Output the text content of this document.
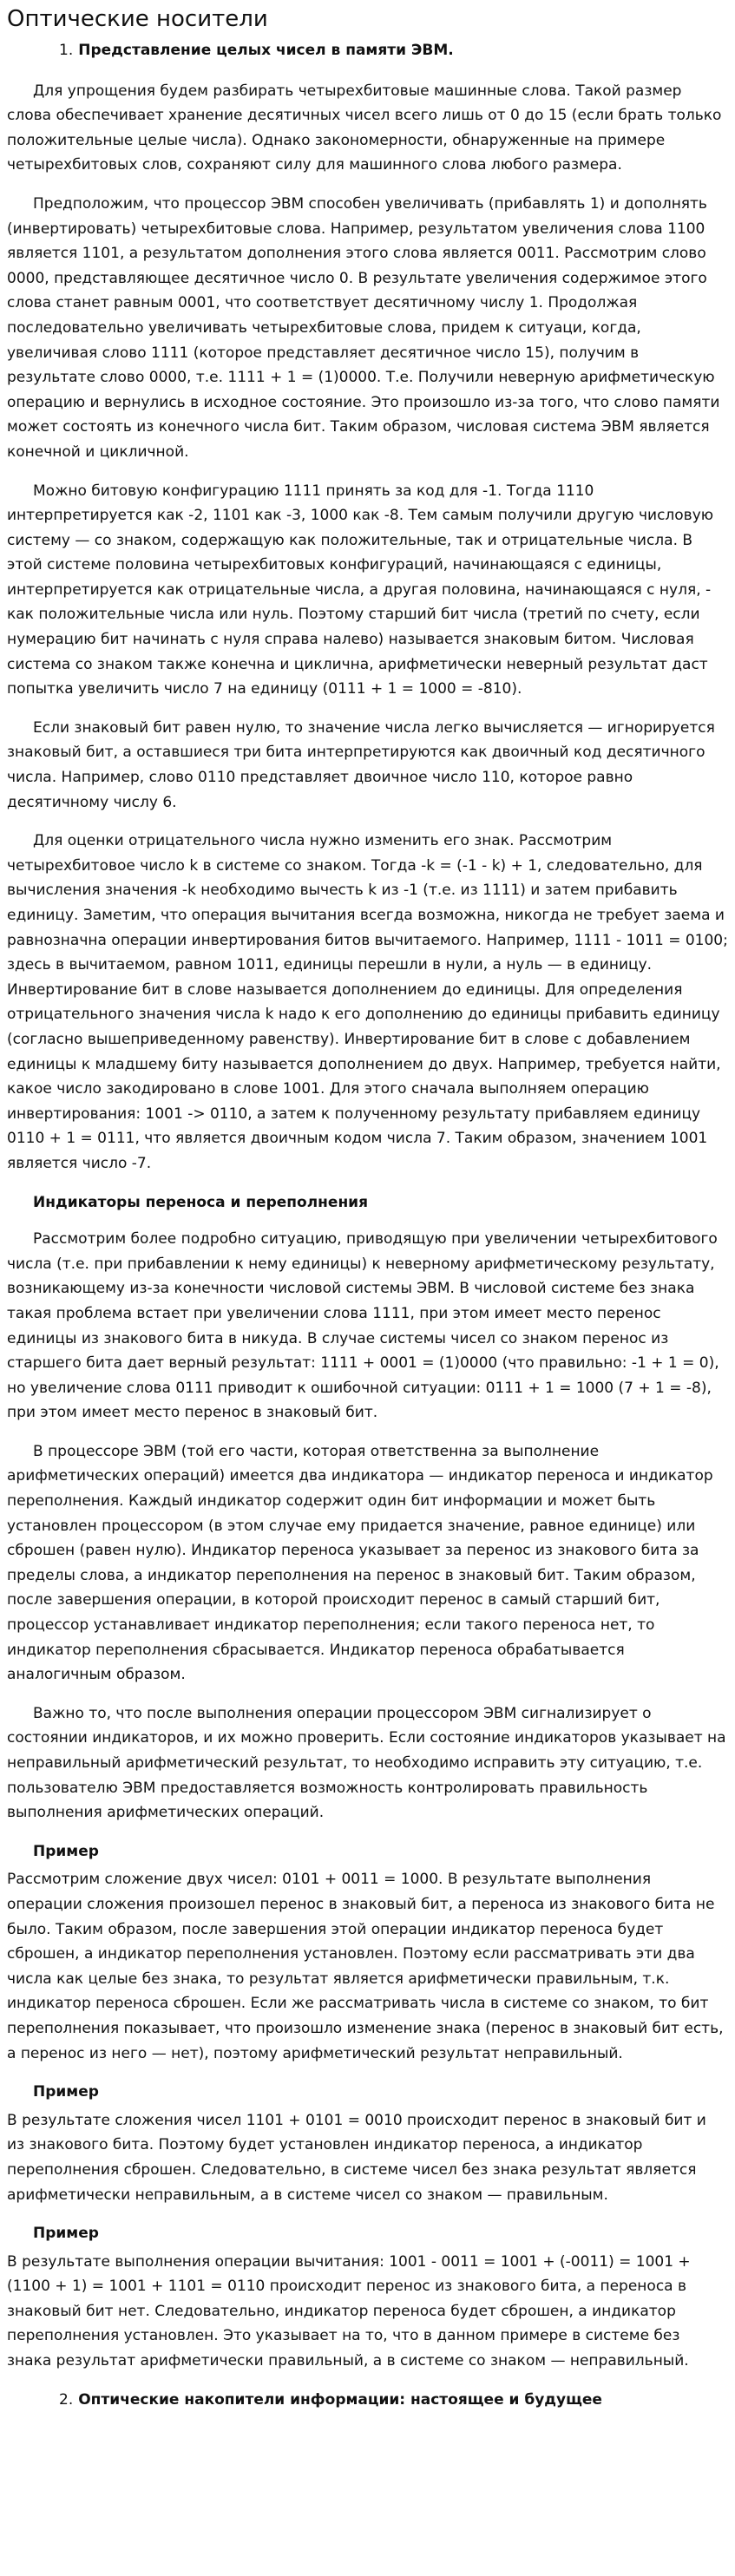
Оптические носители
1. Представление целых чисел в памяти ЭВМ.

Для упрощения будем разбирать четырехбитовые машинные слова. Такой размер слова обеспечивает хранение десятичных чисел всего лишь от 0 до 15 (если брать только положительные целые числа). Однако закономерности, обнаруженные на примере четырехбитовых слов, сохраняют силу для машинного слова любого размера.

Предположим, что процессор ЭВМ способен увеличивать (прибавлять 1) и дополнять (инвертировать) четырехбитовые слова. Например, результатом увеличения слова 1100 является 1101, а результатом дополнения этого слова является 0011. Рассмотрим слово 0000, представляющее десятичное число 0. В результате увеличения содержимое этого слова станет равным 0001, что соответствует десятичному числу 1. Продолжая последовательно увеличивать четырехбитовые слова, придем к ситуаци, когда, увеличивая слово 1111 (которое представляет десятичное число 15), получим в результате слово 0000, т.е. 1111 + 1 = (1)0000. Т.е. Получили неверную арифметическую операцию и вернулись в исходное состояние. Это произошло из-за того, что слово памяти может состоять из конечного числа бит. Таким образом, числовая система ЭВМ является конечной и цикличной.

Можно битовую конфигурацию 1111 принять за код для -1. Тогда 1110 интерпретируется как -2, 1101 как -3, 1000 как -8. Тем самым получили другую числовую систему — со знаком, содержащую как положительные, так и отрицательные числа. В этой системе половина четырехбитовых конфигураций, начинающаяся с единицы, интерпретируется как отрицательные числа, а другая половина, начинающаяся с нуля, - как положительные числа или нуль. Поэтому старший бит числа (третий по счету, если нумерацию бит начинать с нуля справа налево) называется знаковым битом. Числовая система со знаком также конечна и циклична, арифметически неверный результат даст попытка увеличить число 7 на единицу (0111 + 1 = 1000 = -810).

Если знаковый бит равен нулю, то значение числа легко вычисляется — игнорируется знаковый бит, а оставшиеся три бита интерпретируются как двоичный код десятичного числа. Например, слово 0110 представляет двоичное число 110, которое равно десятичному числу 6.

Для оценки отрицательного числа нужно изменить его знак. Рассмотрим четырехбитовое число k в системе со знаком. Тогда -k = (-1 - k) + 1, следовательно, для вычисления значения -k необходимо вычесть k из -1 (т.е. из 1111) и затем прибавить единицу. Заметим, что операция вычитания всегда возможна, никогда не требует заема и равнозначна операции инвертирования битов вычитаемого. Например, 1111 - 1011 = 0100; здесь в вычитаемом, равном 1011, единицы перешли в нули, а нуль — в единицу. Инвертирование бит в слове называется дополнением до единицы. Для определения отрицательного значения числа k надо к его дополнению до единицы прибавить единицу (согласно вышеприведенному равенству). Инвертирование бит в слове с добавлением единицы к младшему биту называется дополнением до двух. Например, требуется найти, какое число закодировано в слове 1001. Для этого сначала выполняем операцию инвертирования: 1001 -> 0110, а затем к полученному результату прибавляем единицу 0110 + 1 = 0111, что является двоичным кодом числа 7. Таким образом, значением 1001 является число -7.

Индикаторы переноса и переполнения

Рассмотрим более подробно ситуацию, приводящую при увеличении четырехбитового числа (т.е. при прибавлении к нему единицы) к неверному арифметическому результату, возникающему из-за конечности числовой системы ЭВМ. В числовой системе без знака такая проблема встает при увеличении слова 1111, при этом имеет место перенос единицы из знакового бита в никуда. В случае системы чисел со знаком перенос из старшего бита дает верный результат: 1111 + 0001 = (1)0000 (что правильно: -1 + 1 = 0), но увеличение слова 0111 приводит к ошибочной ситуации: 0111 + 1 = 1000 (7 + 1 = -8), при этом имеет место перенос в знаковый бит.

В процессоре ЭВМ (той его части, которая ответственна за выполнение арифметических операций) имеется два индикатора — индикатор переноса и индикатор переполнения. Каждый индикатор содержит один бит информации и может быть установлен процессором (в этом случае ему придается значение, равное единице) или сброшен (равен нулю). Индикатор переноса указывает за перенос из знакового бита за пределы слова, а индикатор переполнения на перенос в знаковый бит. Таким образом, после завершения операции, в которой происходит перенос в самый старший бит, процессор устанавливает индикатор переполнения; если такого переноса нет, то индикатор переполнения сбрасывается. Индикатор переноса обрабатывается аналогичным образом.

Важно то, что после выполнения операции процессором ЭВМ сигнализирует о состоянии индикаторов, и их можно проверить. Если состояние индикаторов указывает на неправильный арифметический результат, то необходимо исправить эту ситуацию, т.е. пользователю ЭВМ предоставляется возможность контролировать правильность выполнения арифметических операций.

Пример

Рассмотрим сложение двух чисел: 0101 + 0011 = 1000. В результате выполнения операции сложения произошел перенос в знаковый бит, а переноса из знакового бита не было. Таким образом, после завершения этой операции индикатор переноса будет сброшен, а индикатор переполнения установлен. Поэтому если рассматривать эти два числа как целые без знака, то результат является арифметически правильным, т.к. индикатор переноса сброшен. Если же рассматривать числа в системе со знаком, то бит переполнения показывает, что произошло изменение знака (перенос в знаковый бит есть, а перенос из него — нет), поэтому арифметический результат неправильный.

Пример

В результате сложения чисел 1101 + 0101 = 0010 происходит перенос в знаковый бит и из знакового бита. Поэтому будет установлен индикатор переноса, а индикатор переполнения сброшен. Следовательно, в системе чисел без знака результат является арифметически неправильным, а в системе чисел со знаком — правильным.

Пример

В результате выполнения операции вычитания: 1001 - 0011 = 1001 + (-0011) = 1001 + (1100 + 1) = 1001 + 1101 = 0110 происходит перенос из знакового бита, а переноса в знаковый бит нет. Следовательно, индикатор переноса будет сброшен, а индикатор переполнения установлен. Это указывает на то, что в данном примере в системе без знака результат арифметически правильный, а в системе со знаком — неправильный.

2. Оптические накопители информации: настоящее и будущее
